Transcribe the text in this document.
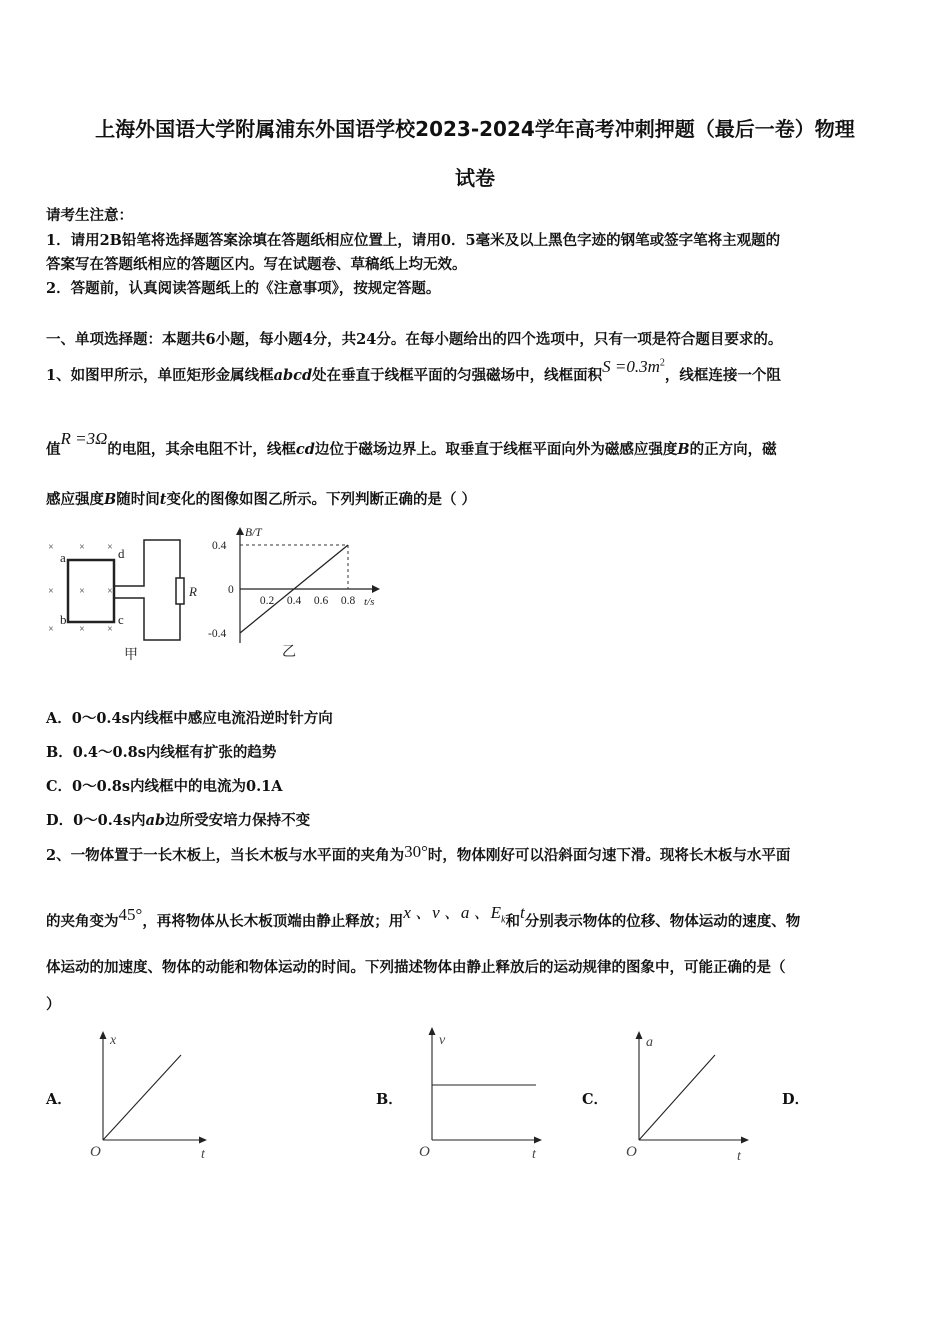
上海外国语大学附属浦东外国语学校2023-2024学年高考冲刺押题（最后一卷）物理
试卷
请考生注意：
1．请用2B铅笔将选择题答案涂填在答题纸相应位置上，请用0．5毫米及以上黑色字迹的钢笔或签字笔将主观题的
答案写在答题纸相应的答题区内。写在试题卷、草稿纸上均无效。
2．答题前，认真阅读答题纸上的《注意事项》，按规定答题。
一、单项选择题：本题共6小题，每小题4分，共24分。在每小题给出的四个选项中，只有一项是符合题目要求的。
1、如图甲所示，单匝矩形金属线框abcd处在垂直于线框平面的匀强磁场中，线框面积$S =0.3m^2$，线框连接一个阻
值R =3Ω的电阻，其余电阻不计，线框cd边位于磁场边界上。取垂直于线框平面向外为磁感应强度B的正方向，磁
感应强度B随时间t变化的图像如图乙所示。下列判断正确的是（ ）
×	× ×
×	× ×
×	× ×
a
b	c
d
R
甲
B/T
0.4
-0.4
0
0.2 0.4 0.6 0.8 t/s
乙
A．0～0.4s内线框中感应电流沿逆时针方向
B．0.4～0.8s内线框有扩张的趋势
C．0～0.8s内线框中的电流为0.1A
D．0～0.4s内ab边所受安培力保持不变
2、一物体置于一长木板上，当长木板与水平面的夹角为30°时，物体刚好可以沿斜面匀速下滑。现将长木板与水平面
的夹角变为45°，再将物体从长木板顶端由静止释放；用x 、v 、a 、$E_k$和t分别表示物体的位移、物体运动的速度、物
体运动的加速度、物体的动能和物体运动的时间。下列描述物体由静止释放后的运动规律的图象中，可能正确的是（
）
A．	B．	C．	D．
x
O	t
v
O	t
a
O	t
